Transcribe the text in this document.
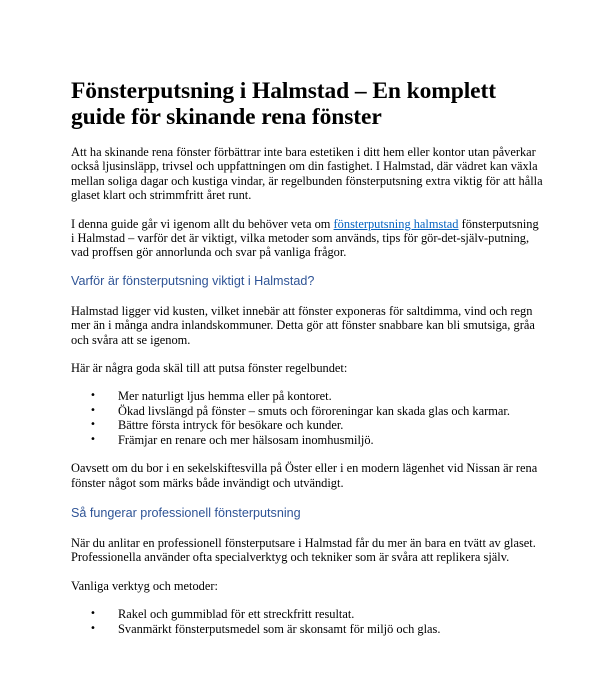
Fönsterputsning i Halmstad – En komplett guide för skinande rena fönster

Att ha skinande rena fönster förbättrar inte bara estetiken i ditt hem eller kontor utan påverkar också ljusinsläpp, trivsel och uppfattningen om din fastighet. I Halmstad, där vädret kan växla mellan soliga dagar och kustiga vindar, är regelbunden fönsterputsning extra viktig för att hålla glaset klart och strimmfritt året runt.

I denna guide går vi igenom allt du behöver veta om fönsterputsning halmstad fönsterputsning i Halmstad – varför det är viktigt, vilka metoder som används, tips för gör-det-själv-putning, vad proffsen gör annorlunda och svar på vanliga frågor.

Varför är fönsterputsning viktigt i Halmstad?

Halmstad ligger vid kusten, vilket innebär att fönster exponeras för saltdimma, vind och regn mer än i många andra inlandskommuner. Detta gör att fönster snabbare kan bli smutsiga, gråa och svåra att se igenom.

Här är några goda skäl till att putsa fönster regelbundet:

• Mer naturligt ljus hemma eller på kontoret.
• Ökad livslängd på fönster – smuts och föroreningar kan skada glas och karmar.
• Bättre första intryck för besökare och kunder.
• Främjar en renare och mer hälsosam inomhusmiljö.

Oavsett om du bor i en sekelskiftesvilla på Öster eller i en modern lägenhet vid Nissan är rena fönster något som märks både invändigt och utvändigt.

Så fungerar professionell fönsterputsning

När du anlitar en professionell fönsterputsare i Halmstad får du mer än bara en tvätt av glaset. Professionella använder ofta specialverktyg och tekniker som är svåra att replikera själv.

Vanliga verktyg och metoder:

• Rakel och gummiblad för ett streckfritt resultat.
• Svanmärkt fönsterputsmedel som är skonsamt för miljö och glas.
